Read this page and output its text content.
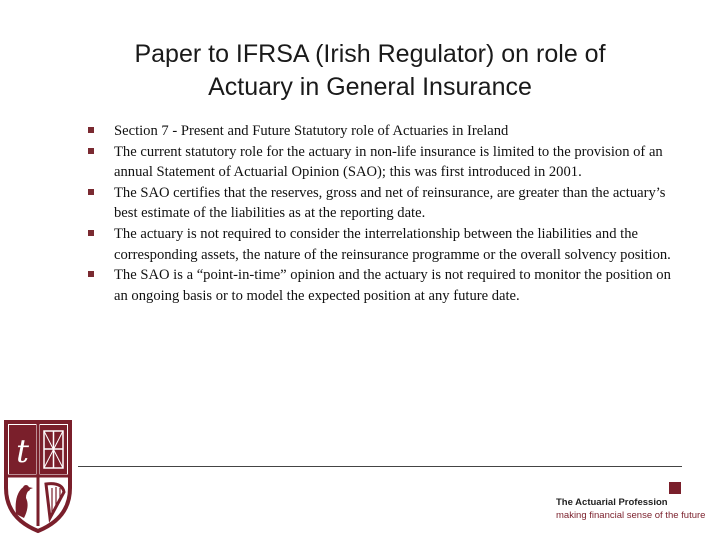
Paper to IFRSA (Irish Regulator) on role of
Actuary in General Insurance
Section 7 - Present and Future Statutory role of Actuaries in Ireland
The current statutory role for the actuary in non-life insurance is limited to the provision of an annual Statement of Actuarial Opinion (SAO); this was first introduced in 2001.
The SAO certifies that the reserves, gross and net of reinsurance, are greater than the actuary’s best estimate of the liabilities as at the reporting date.
The actuary is not required to consider the interrelationship between the liabilities and the corresponding assets, the nature of the reinsurance programme or the overall solvency position.
The SAO is a “point-in-time” opinion and the actuary is not required to monitor the position on an ongoing basis or to model the expected position at any future date.
t
The Actuarial Profession
making financial sense of the future
